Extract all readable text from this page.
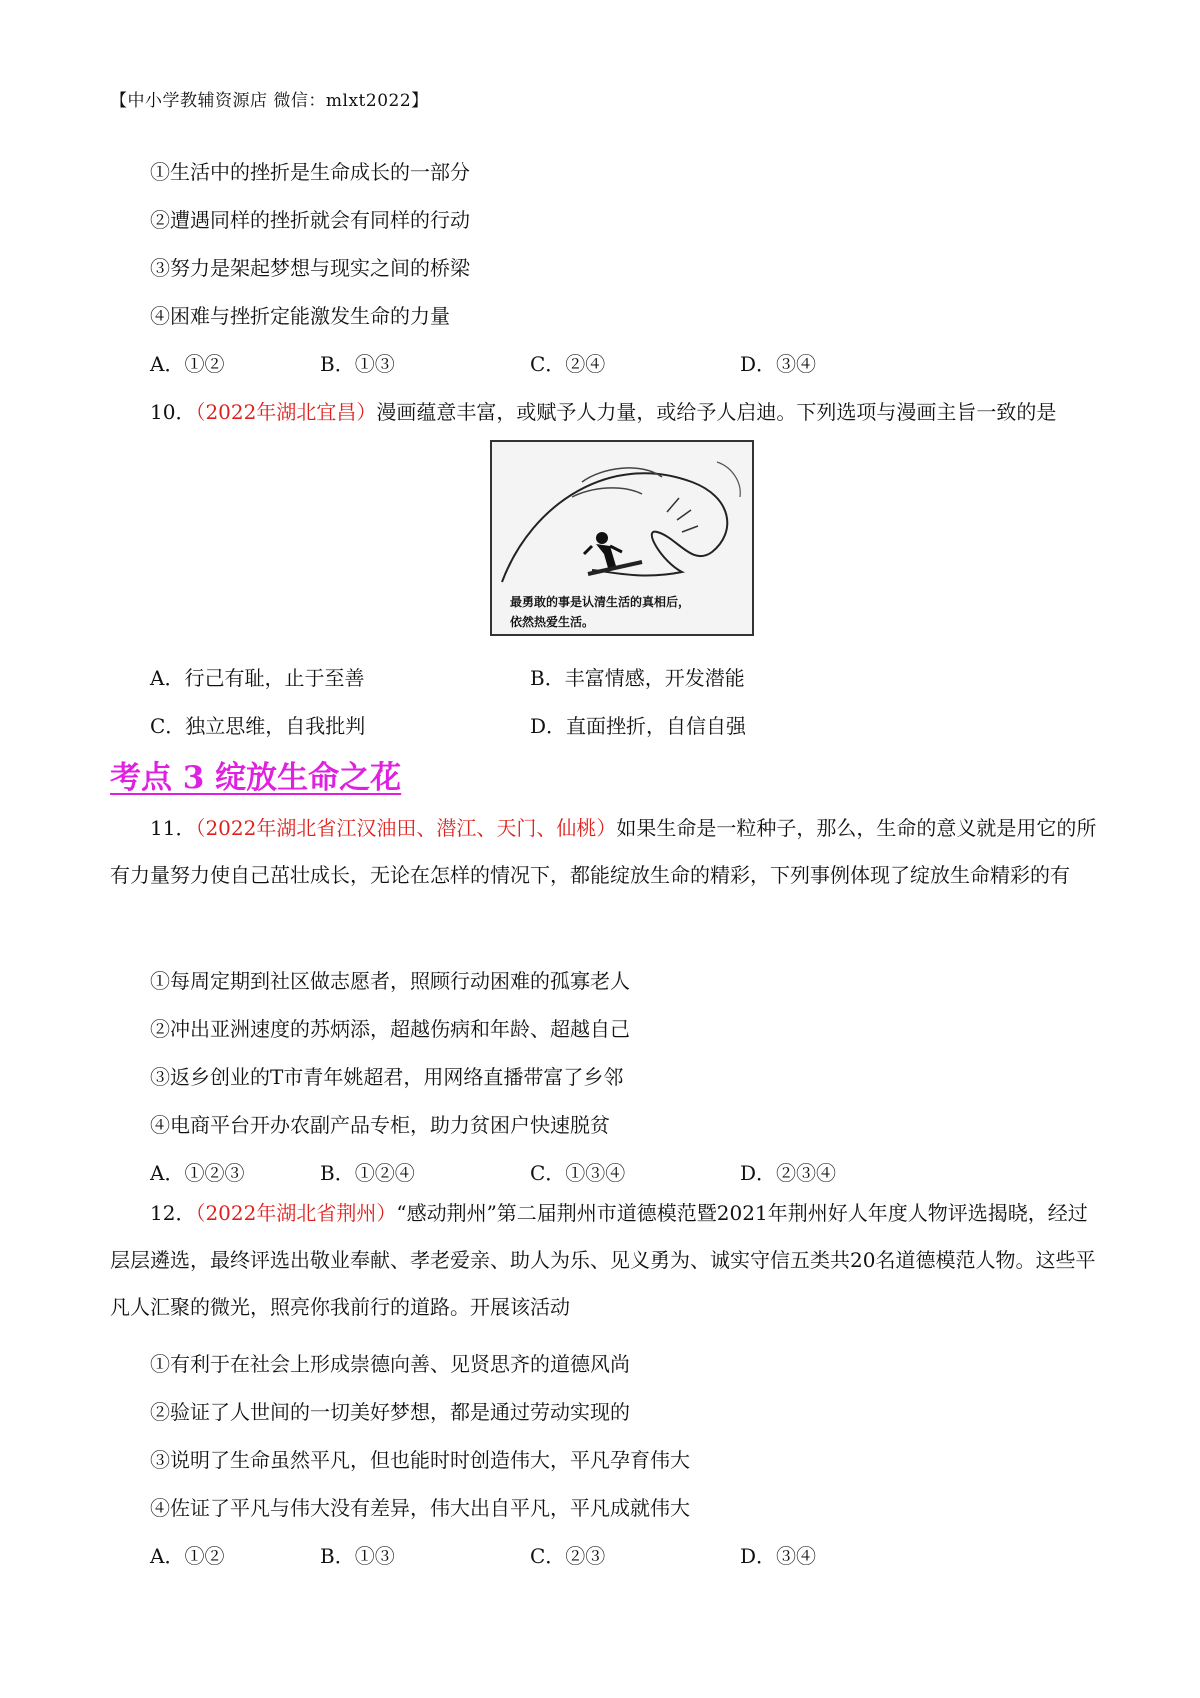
【中小学教辅资源店 微信：mlxt2022】
①生活中的挫折是生命成长的一部分
②遭遇同样的挫折就会有同样的行动
③努力是架起梦想与现实之间的桥梁
④困难与挫折定能激发生命的力量
A．①②	B．①③	C．②④	D．③④
10．（2022年湖北宜昌）漫画蕴意丰富，或赋予人力量，或给予人启迪。下列选项与漫画主旨一致的是
最勇敢的事是认清生活的真相后，
依然热爱生活。
A．行己有耻，止于至善	B．丰富情感，开发潜能
C．独立思维，自我批判	D．直面挫折，自信自强
考点 3 绽放生命之花
11．（2022年湖北省江汉油田、潜江、天门、仙桃）如果生命是一粒种子，那么，生命的意义就是用它的所有力量努力使自己茁壮成长，无论在怎样的情况下，都能绽放生命的精彩，下列事例体现了绽放生命精彩的有
①每周定期到社区做志愿者，照顾行动困难的孤寡老人
②冲出亚洲速度的苏炳添，超越伤病和年龄、超越自己
③返乡创业的T市青年姚超君，用网络直播带富了乡邻
④电商平台开办农副产品专柜，助力贫困户快速脱贫
A．①②③	B．①②④	C．①③④	D．②③④
12．（2022年湖北省荆州）“感动荆州”第二届荆州市道德模范暨2021年荆州好人年度人物评选揭晓，经过层层遴选，最终评选出敬业奉献、孝老爱亲、助人为乐、见义勇为、诚实守信五类共20名道德模范人物。这些平凡人汇聚的微光，照亮你我前行的道路。开展该活动
①有利于在社会上形成崇德向善、见贤思齐的道德风尚
②验证了人世间的一切美好梦想，都是通过劳动实现的
③说明了生命虽然平凡，但也能时时创造伟大，平凡孕育伟大
④佐证了平凡与伟大没有差异，伟大出自平凡，平凡成就伟大
A．①②	B．①③	C．②③	D．③④
